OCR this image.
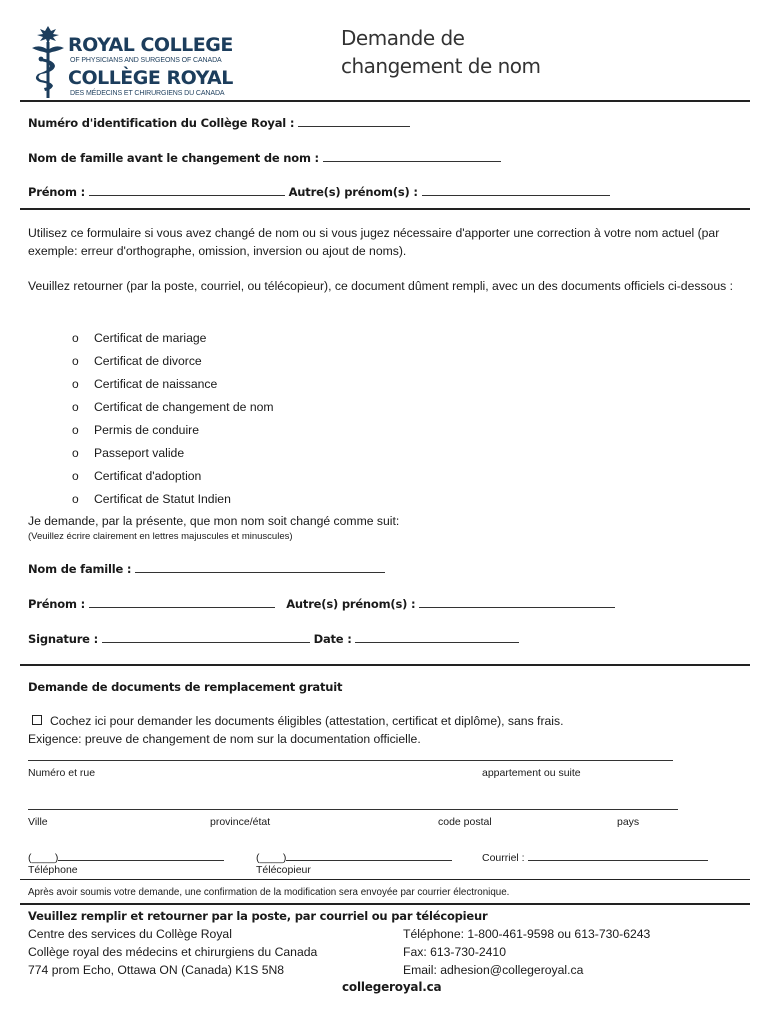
ROYAL COLLEGE
OF PHYSICIANS AND SURGEONS OF CANADA
COLLÈGE ROYAL
DES MÉDECINS ET CHIRURGIENS DU CANADA
Demande de
changement de nom
Numéro d'identification du Collège Royal :
Nom de famille avant le changement de nom :
Prénom :	Autre(s) prénom(s) :
Utilisez ce formulaire si vous avez changé de nom ou si vous jugez nécessaire d'apporter une correction à votre nom actuel (par exemple: erreur d'orthographe, omission, inversion ou ajout de noms).
Veuillez retourner (par la poste, courriel, ou télécopieur), ce document dûment rempli, avec un des documents officiels ci-dessous :
o Certificat de mariage
o Certificat de divorce
o Certificat de naissance
o Certificat de changement de nom
o Permis de conduire
o Passeport valide
o Certificat d'adoption
o Certificat de Statut Indien
Je demande, par la présente, que mon nom soit changé comme suit:
(Veuillez écrire clairement en lettres majuscules et minuscules)
Nom de famille :
Prénom :	Autre(s) prénom(s) :
Signature :	Date :
Demande de documents de remplacement gratuit
Cochez ici pour demander les documents éligibles (attestation, certificat et diplôme), sans frais.
Exigence: preuve de changement de nom sur la documentation officielle.
Numéro et rue	appartement ou suite
Ville	province/état	code postal	pays
(____)
Téléphone
(____)
Télécopieur
Courriel :
Après avoir soumis votre demande, une confirmation de la modification sera envoyée par courrier électronique.
Veuillez remplir et retourner par la poste, par courriel ou par télécopieur
Centre des services du Collège Royal
Collège royal des médecins et chirurgiens du Canada
774 prom Echo, Ottawa ON (Canada) K1S 5N8
Téléphone: 1-800-461-9598 ou 613-730-6243
Fax: 613-730-2410
Email: adhesion@collegeroyal.ca
collegeroyal.ca
